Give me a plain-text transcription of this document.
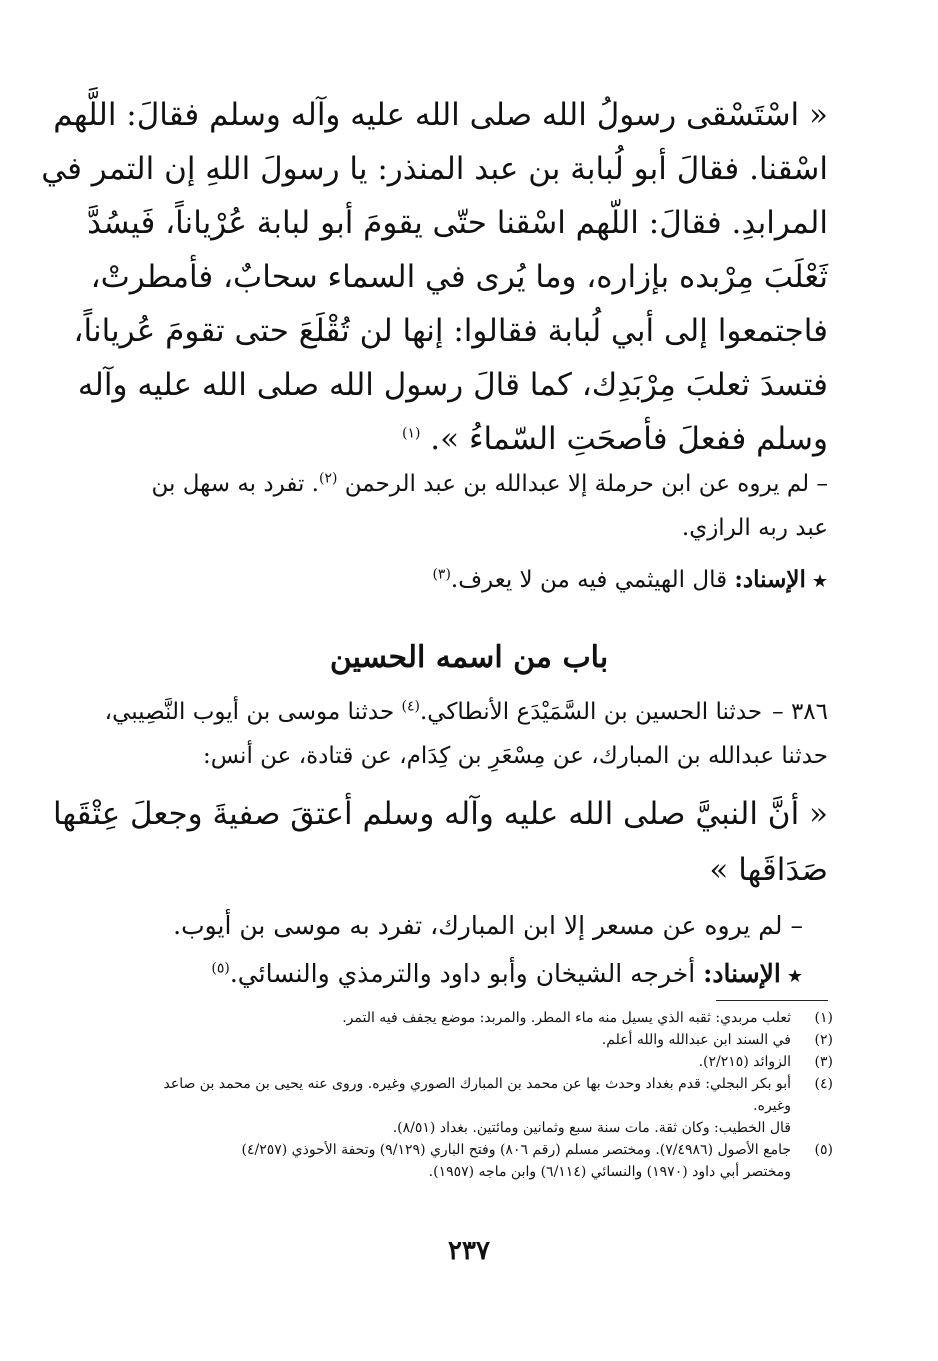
« اسْتَسْقى رسولُ الله صلى الله عليه وآله وسلم فقالَ: اللَّهم
اسْقنا. فقالَ أبو لُبابة بن عبد المنذر: يا رسولَ اللهِ إن التمر في
المرابدِ. فقالَ: اللّهم اسْقنا حتّى يقومَ أبو لبابة عُرْياناً، فَيسُدَّ
ثَعْلَبَ مِرْبده بإزاره، وما يُرى في السماء سحابٌ، فأمطرتْ،
فاجتمعوا إلى أبي لُبابة فقالوا: إنها لن تُقْلَعَ حتى تقومَ عُرياناً،
فتسدَ ثعلبَ مِرْبَدِك، كما قالَ رسول الله صلى الله عليه وآله
وسلم ففعلَ فأصحَتِ السّماءُ ». $^{(١)}$
– لم يروه عن ابن حرملة إلا عبدالله بن عبد الرحمن $^{(٢)}$. تفرد به سهل بن
عبد ربه الرازي.
★الإسناد: قال الهيثمي فيه من لا يعرف.$^{(٣)}$
باب من اسمه الحسين
٣٨٦ –حدثنا الحسين بن السَّمَيْدَع الأنطاكي.$^{(٤)}$ حدثنا موسى بن أيوب النَّصِيبي،
حدثنا عبدالله بن المبارك، عن مِسْعَرِ بن كِدَام، عن قتادة، عن أنس:
« أنَّ النبيَّ صلى الله عليه وآله وسلم أعتقَ صفيةَ وجعلَ عِتْقَها
صَدَاقَها »
– لم يروه عن مسعر إلا ابن المبارك، تفرد به موسى بن أيوب.
★الإسناد: أخرجه الشيخان وأبو داود والترمذي والنسائي.$^{(٥)}$
(١)
ثعلب مربدي: ثقبه الذي يسيل منه ماء المطر. والمربد: موضع يجفف فيه التمر.
(٢)
في السند ابن عبدالله والله أعلم.
(٣)
الزوائد (٢/٢١٥).
(٤)
أبو بكر البجلي: قدم بغداد وحدث بها عن محمد بن المبارك الصوري وغيره. وروى عنه يحيى بن محمد بن صاعد
وغيره.
قال الخطيب: وكان ثقة. مات سنة سبع وثمانين ومائتين. بغداد (٨/٥١).
(٥)
جامع الأصول (٧/٤٩٨٦). ومختصر مسلم (رقم ٨٠٦) وفتح الباري (٩/١٢٩) وتحفة الأحوذي (٤/٢٥٧)
ومختصر أبي داود (١٩٧٠) والنسائي (٦/١١٤) وابن ماجه (١٩٥٧).
٢٣٧
